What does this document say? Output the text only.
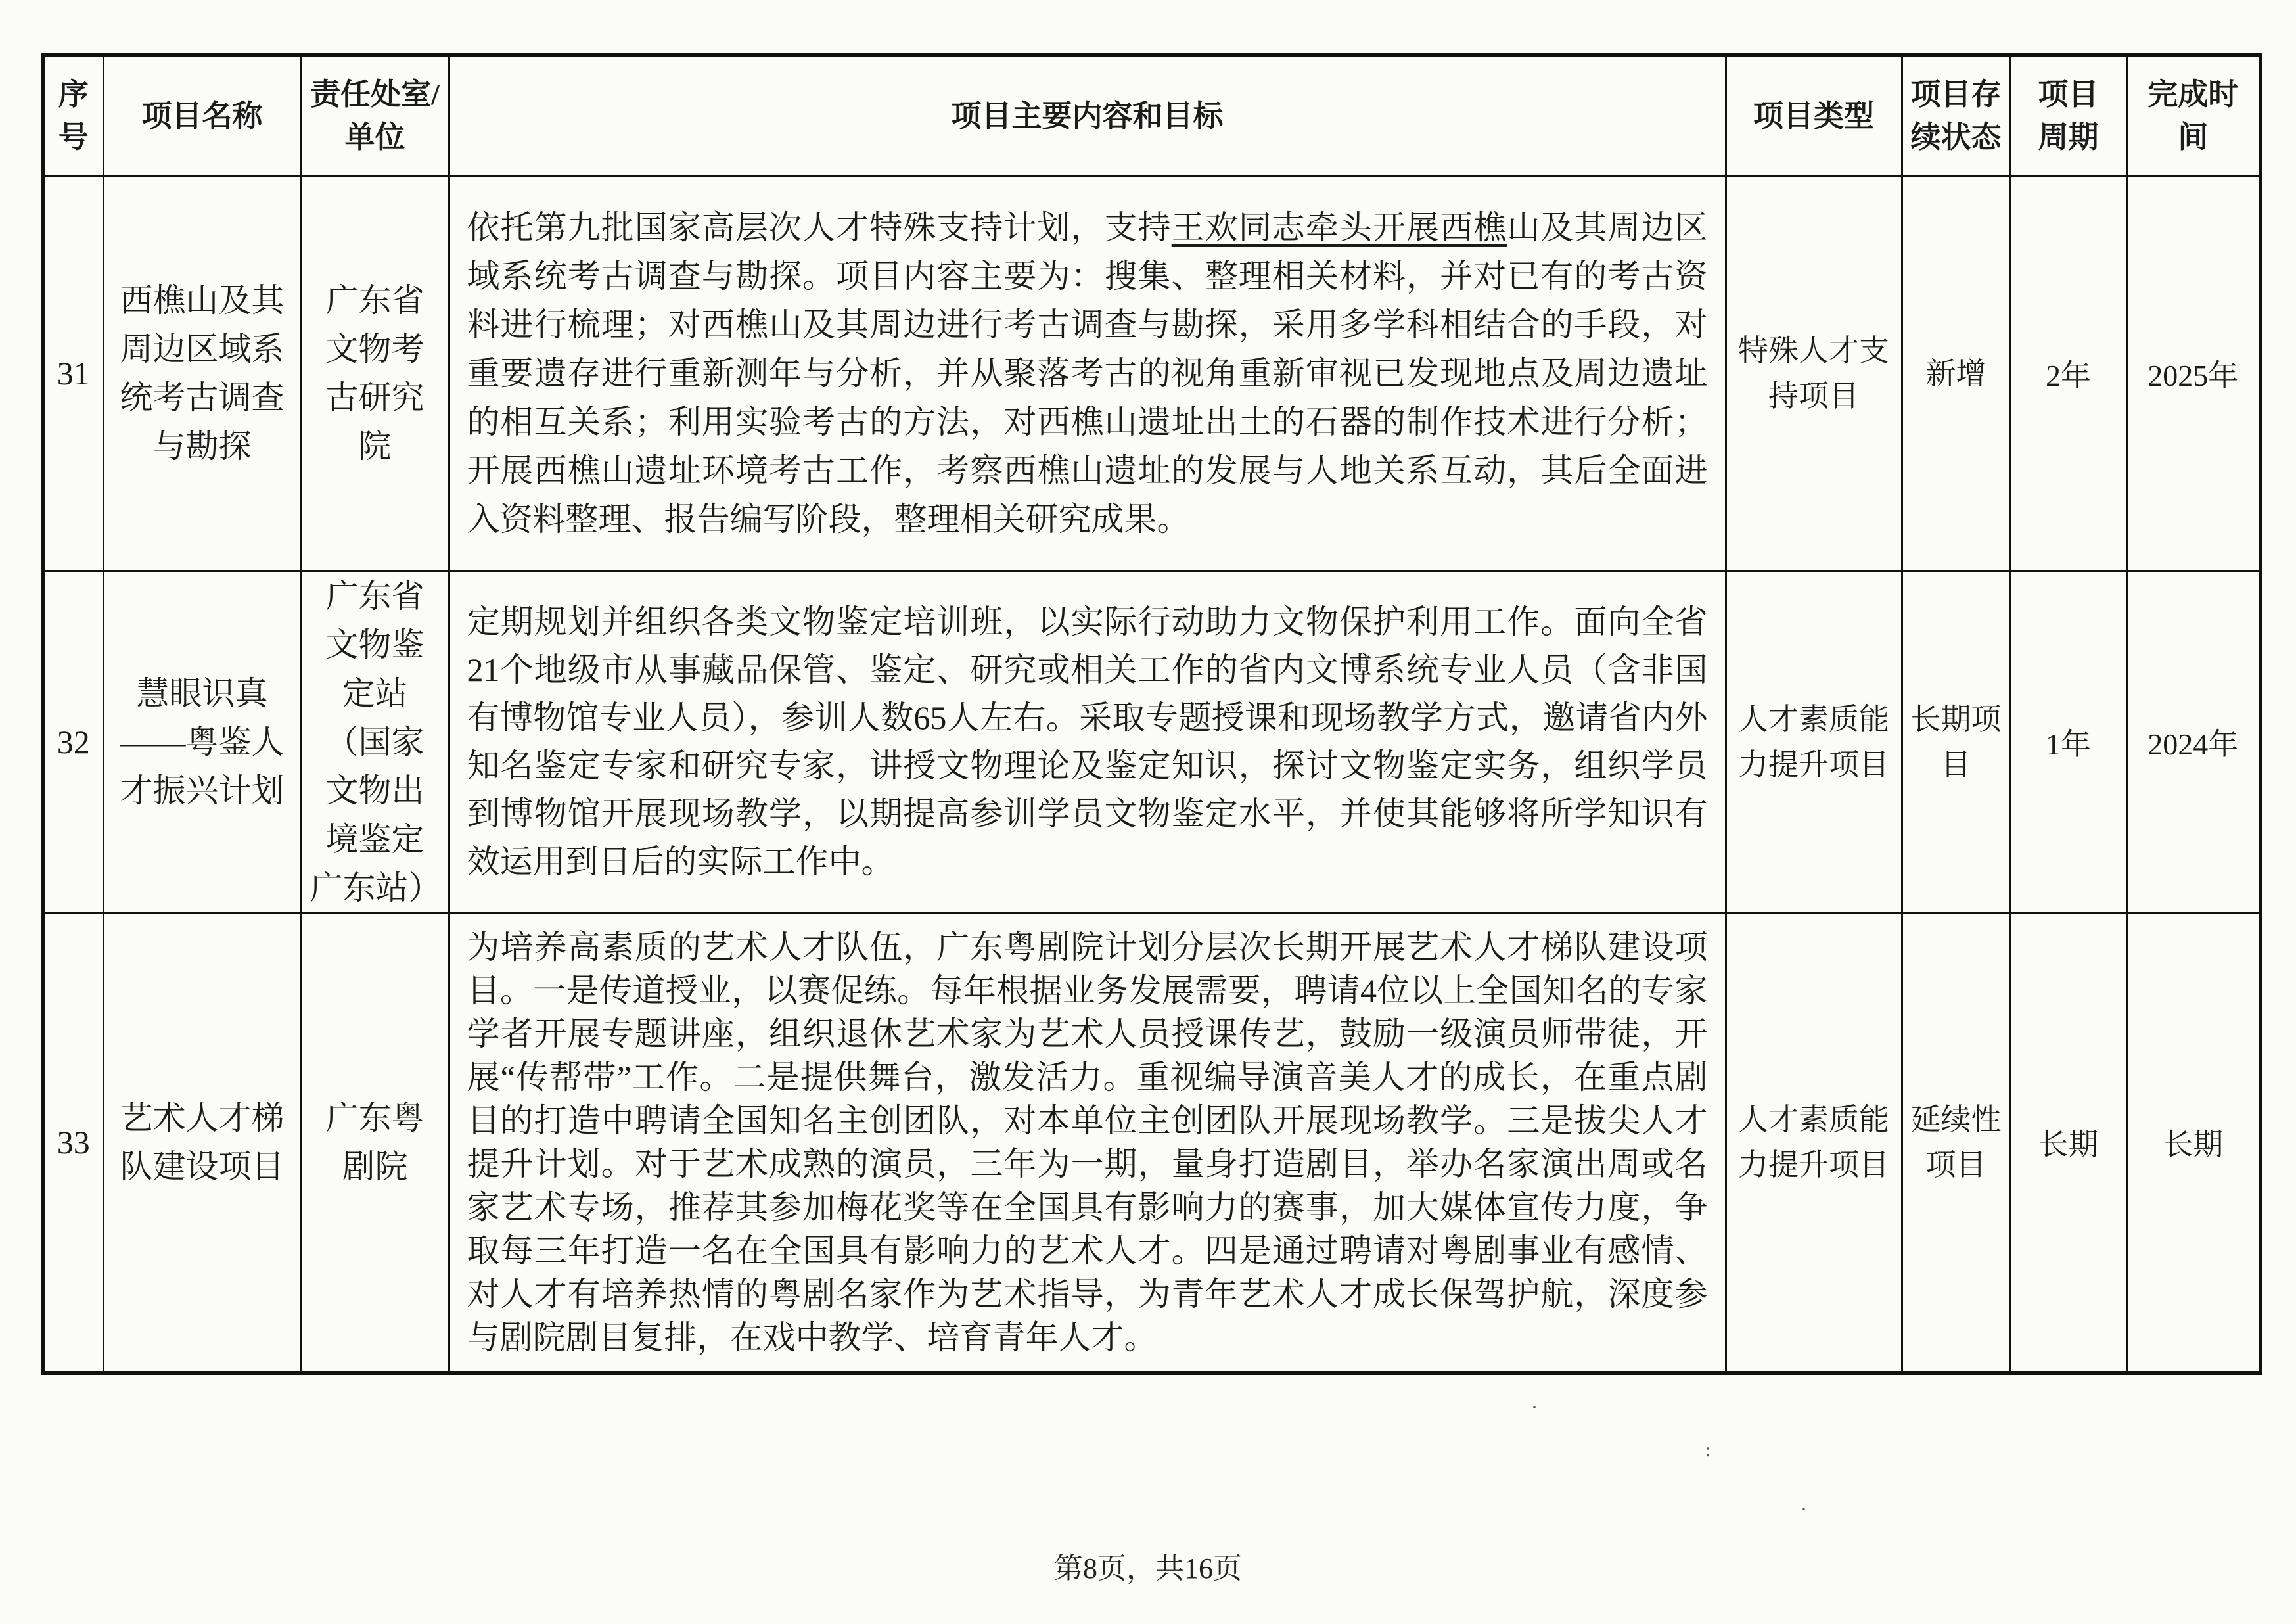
序号	项目名称	责任处室/单位	项目主要内容和目标	项目类型	项目存续状态	项目周期	完成时间
31	西樵山及其周边区域系统考古调查与勘探	广东省文物考古研究院	依托第九批国家高层次人才特殊支持计划，支持王欢同志牵头开展西樵山及其周边区域系统考古调查与勘探。项目内容主要为：搜集、整理相关材料，并对已有的考古资料进行梳理；对西樵山及其周边进行考古调查与勘探，采用多学科相结合的手段，对重要遗存进行重新测年与分析，并从聚落考古的视角重新审视已发现地点及周边遗址的相互关系；利用实验考古的方法，对西樵山遗址出土的石器的制作技术进行分析；开展西樵山遗址环境考古工作，考察西樵山遗址的发展与人地关系互动，其后全面进入资料整理、报告编写阶段，整理相关研究成果。	特殊人才支持项目	新增	2年	2025年
32	慧眼识真——粤鉴人才振兴计划	广东省文物鉴定站（国家文物出境鉴定广东站）	定期规划并组织各类文物鉴定培训班，以实际行动助力文物保护利用工作。面向全省21个地级市从事藏品保管、鉴定、研究或相关工作的省内文博系统专业人员（含非国有博物馆专业人员），参训人数65人左右。采取专题授课和现场教学方式，邀请省内外知名鉴定专家和研究专家，讲授文物理论及鉴定知识，探讨文物鉴定实务，组织学员到博物馆开展现场教学，以期提高参训学员文物鉴定水平，并使其能够将所学知识有效运用到日后的实际工作中。	人才素质能力提升项目	长期项目	1年	2024年
33	艺术人才梯队建设项目	广东粤剧院	为培养高素质的艺术人才队伍，广东粤剧院计划分层次长期开展艺术人才梯队建设项目。一是传道授业，以赛促练。每年根据业务发展需要，聘请4位以上全国知名的专家学者开展专题讲座，组织退休艺术家为艺术人员授课传艺，鼓励一级演员师带徒，开展“传帮带”工作。二是提供舞台，激发活力。重视编导演音美人才的成长，在重点剧目的打造中聘请全国知名主创团队，对本单位主创团队开展现场教学。三是拔尖人才提升计划。对于艺术成熟的演员，三年为一期，量身打造剧目，举办名家演出周或名家艺术专场，推荐其参加梅花奖等在全国具有影响力的赛事，加大媒体宣传力度，争取每三年打造一名在全国具有影响力的艺术人才。四是通过聘请对粤剧事业有感情、对人才有培养热情的粤剧名家作为艺术指导，为青年艺术人才成长保驾护航，深度参与剧院剧目复排，在戏中教学、培育青年人才。	人才素质能力提升项目	延续性项目	长期	长期
·
:
·
第8页，共16页
